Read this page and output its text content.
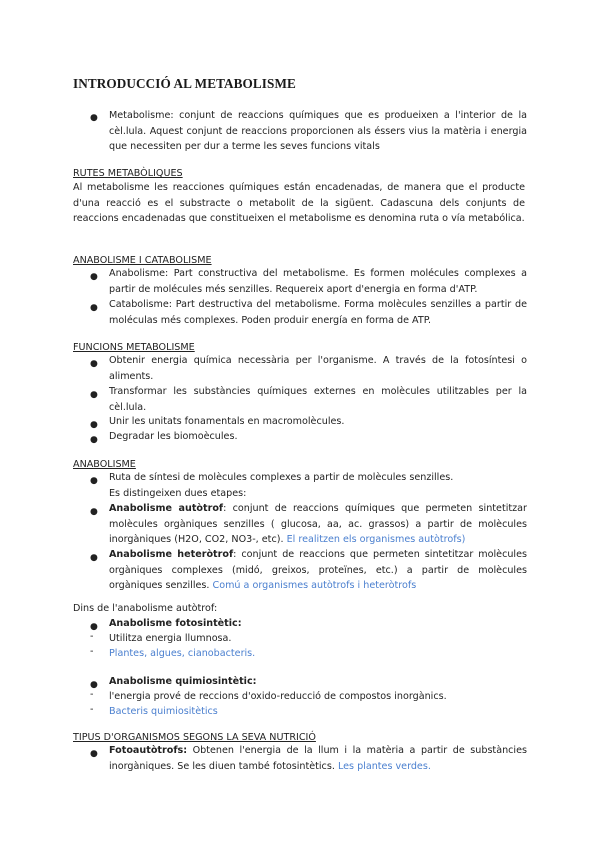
INTRODUCCIÓ AL METABOLISME
● Metabolisme: conjunt de reaccions químiques que es produeixen a l'interior de la cèl.lula. Aquest conjunt de reaccions proporcionen als éssers vius la matèria i energia que necessiten per dur a terme les seves funcions vitals

RUTES METABÒLIQUES

Al metabolisme les reacciones químiques están encadenadas, de manera que el producte d'una reacció es el substracte o metabolit de la sigüent. Cadascuna dels conjunts de reaccions encadenadas que constitueixen el metabolisme es denomina ruta o vía metabólica.

ANABOLISME I CATABOLISME
● Anabolisme: Part constructiva del metabolisme. Es formen molécules complexes a partir de molécules més senzilles. Requereix aport d'energia en forma d'ATP.

● Catabolisme: Part destructiva del metabolisme. Forma molècules senzilles a partir de moléculas més complexes. Poden produir energía en forma de ATP.

FUNCIONS METABOLISME
● Obtenir energia química necessària per l'organisme. A través de la fotosíntesi o aliments.

● Transformar les substàncies químiques externes en molècules utilitzables per la cèl.lula.

● Unir les unitats fonamentals en macromolècules.

● Degradar les biomoècules.

ANABOLISME
● Ruta de síntesi de molècules complexes a partir de molècules senzilles.

Es distingeixen dues etapes:

● Anabolisme autòtrof: conjunt de reaccions químiques que permeten sintetitzar molècules orgàniques senzilles ( glucosa, aa, ac. grassos) a partir de molècules inorgàniques (H2O, CO2, NO3-, etc). El realitzen els organismes autòtrofs)

● Anabolisme heteròtrof: conjunt de reaccions que permeten sintetitzar molècules orgàniques complexes (midó, greixos, proteïnes, etc.) a partir de molècules orgàniques senzilles. Comú a organismes autòtrofs i heteròtrofs

Dins de l'anabolisme autòtrof:

● Anabolisme fotosintètic:

- Utilitza energia llumnosa.

- Plantes, algues, cianobacteris.

● Anabolisme quimiosintètic:

- l'energia prové de reccions d'oxido-reducció de compostos inorgànics.

- Bacteris quimiositètics

TIPUS D'ORGANISMOS SEGONS LA SEVA NUTRICIÓ
● Fotoautòtrofs: Obtenen l'energia de la llum i la matèria a partir de substàncies inorgàniques. Se les diuen també fotosintètics. Les plantes verdes.
